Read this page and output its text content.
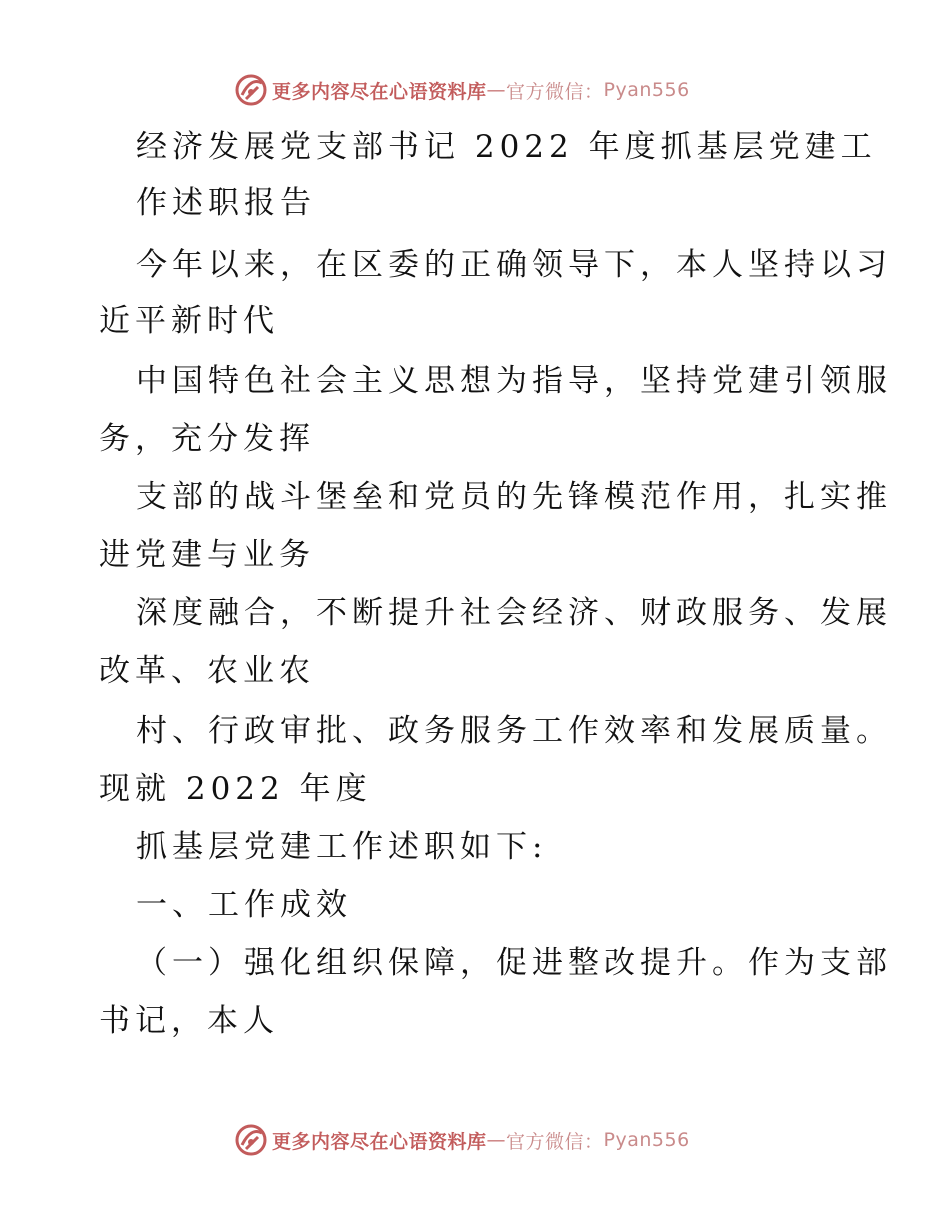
更多内容尽在心语资料库 — 官方微信： Pyan556
经济发展党支部书记 2022 年度抓基层党建工
作述职报告
今年以来，在区委的正确领导下，本人坚持以习
近平新时代
中国特色社会主义思想为指导，坚持党建引领服
务，充分发挥
支部的战斗堡垒和党员的先锋模范作用，扎实推
进党建与业务
深度融合，不断提升社会经济、财政服务、发展
改革、农业农
村、行政审批、政务服务工作效率和发展质量。
现就 2022 年度
抓基层党建工作述职如下:
一、工作成效
（一）强化组织保障，促进整改提升。作为支部
书记，本人
更多内容尽在心语资料库 — 官方微信： Pyan556
